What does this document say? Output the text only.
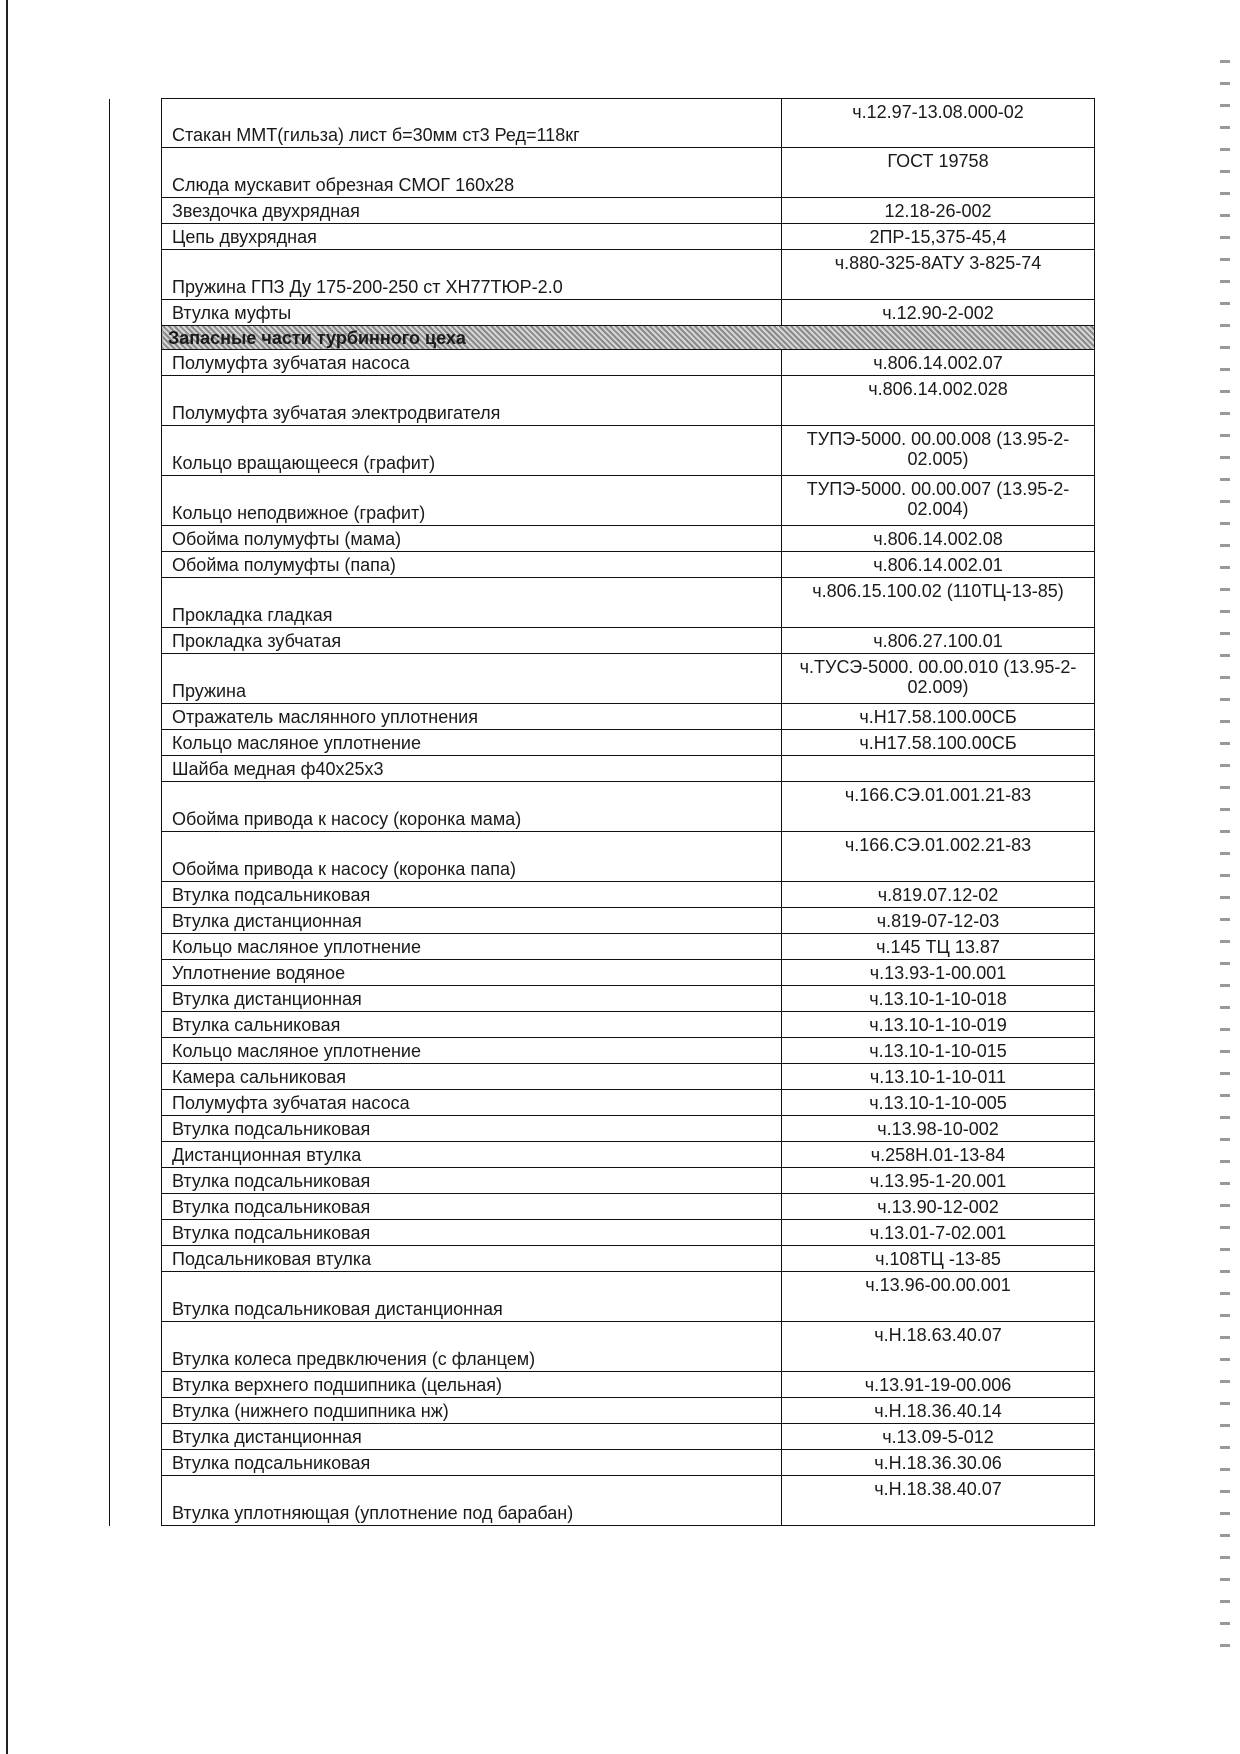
	Стакан ММТ(гильза) лист б=30мм ст3 Ред=118кг	ч.12.97-13.08.000-02
	Слюда мускавит обрезная СМОГ 160х28	ГОСТ 19758
	Звездочка двухрядная	12.18-26-002
	Цепь двухрядная	2ПР-15,375-45,4
	Пружина ГПЗ Ду 175-200-250 ст ХН77ТЮР-2.0	ч.880-325-8АТУ 3-825-74
	Втулка муфты	ч.12.90-2-002
	Запасные части турбинного цеха	
	Полумуфта зубчатая насоса	ч.806.14.002.07
	Полумуфта зубчатая электродвигателя	ч.806.14.002.028
	Кольцо вращающееся (графит)	ТУПЭ-5000. 00.00.008 (13.95-2-02.005)
	Кольцо неподвижное (графит)	ТУПЭ-5000. 00.00.007 (13.95-2-02.004)
	Обойма полумуфты (мама)	ч.806.14.002.08
	Обойма полумуфты (папа)	ч.806.14.002.01
	Прокладка гладкая	ч.806.15.100.02 (110ТЦ-13-85)
	Прокладка зубчатая	ч.806.27.100.01
	Пружина	ч.ТУСЭ-5000. 00.00.010 (13.95-2-02.009)
	Отражатель маслянного уплотнения	ч.Н17.58.100.00СБ
	Кольцо масляное уплотнение	ч.Н17.58.100.00СБ
	Шайба медная ф40х25х3	
	Обойма привода к насосу (коронка мама)	ч.166.СЭ.01.001.21-83
	Обойма привода к насосу (коронка папа)	ч.166.СЭ.01.002.21-83
	Втулка подсальниковая	ч.819.07.12-02
	Втулка дистанционная	ч.819-07-12-03
	Кольцо масляное уплотнение	ч.145 ТЦ 13.87
	Уплотнение водяное	ч.13.93-1-00.001
	Втулка дистанционная	ч.13.10-1-10-018
	Втулка сальниковая	ч.13.10-1-10-019
	Кольцо масляное уплотнение	ч.13.10-1-10-015
	Камера сальниковая	ч.13.10-1-10-011
	Полумуфта зубчатая насоса	ч.13.10-1-10-005
	Втулка подсальниковая	ч.13.98-10-002
	Дистанционная втулка	ч.258Н.01-13-84
	Втулка подсальниковая	ч.13.95-1-20.001
	Втулка подсальниковая	ч.13.90-12-002
	Втулка подсальниковая	ч.13.01-7-02.001
	Подсальниковая втулка	ч.108ТЦ -13-85
	Втулка подсальниковая дистанционная	ч.13.96-00.00.001
	Втулка колеса предвключения (с фланцем)	ч.Н.18.63.40.07
	Втулка верхнего подшипника (цельная)	ч.13.91-19-00.006
	Втулка (нижнего подшипника нж)	ч.Н.18.36.40.14
	Втулка дистанционная	ч.13.09-5-012
	Втулка подсальниковая	ч.Н.18.36.30.06
	Втулка уплотняющая (уплотнение под барабан)	ч.Н.18.38.40.07
